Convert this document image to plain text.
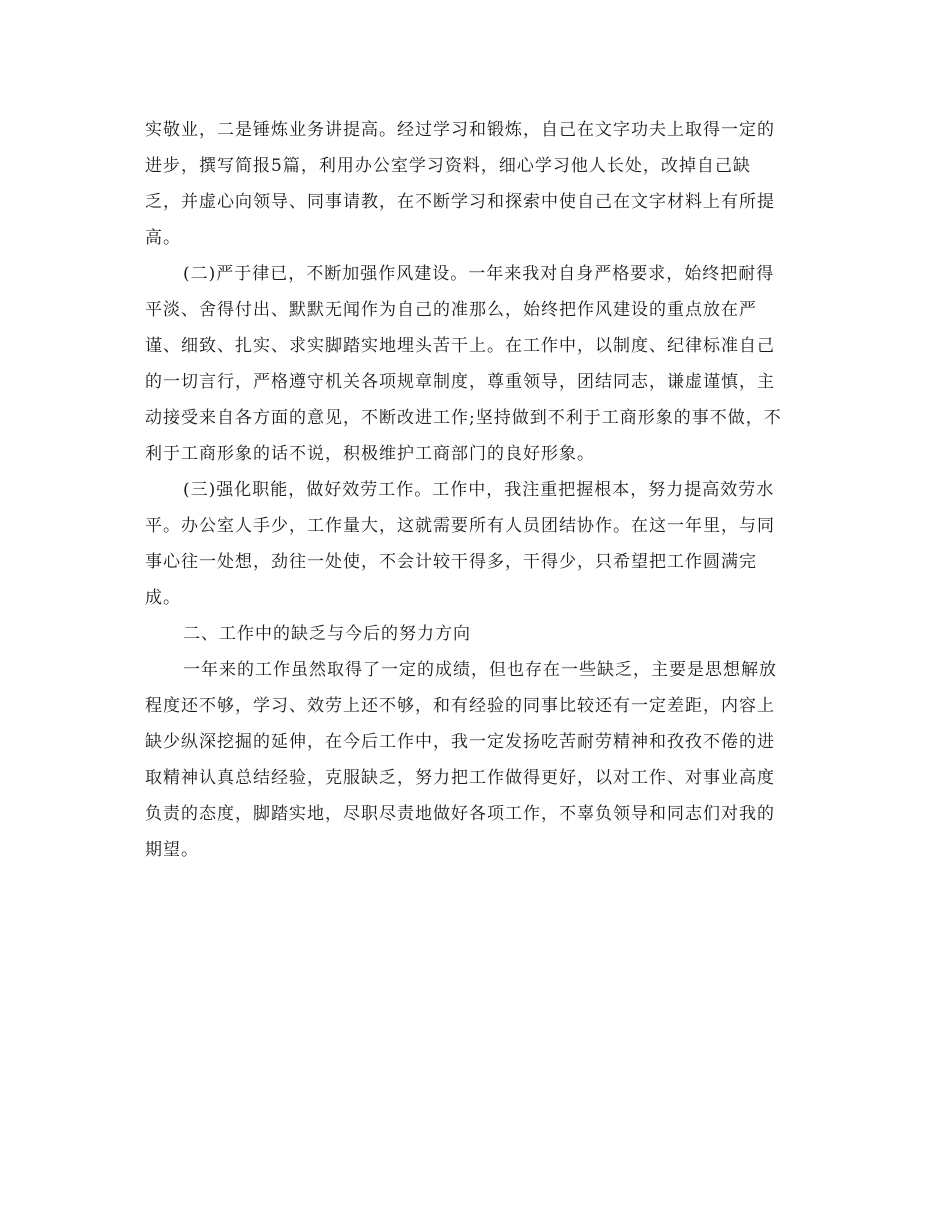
实敬业，二是锤炼业务讲提高。经过学习和锻炼，自己在文字功夫上取得一定的
进步，撰写简报5篇，利用办公室学习资料，细心学习他人长处，改掉自己缺
乏，并虚心向领导、同事请教，在不断学习和探索中使自己在文字材料上有所提
高。

(二)严于律已，不断加强作风建设。一年来我对自身严格要求，始终把耐得
平淡、舍得付出、默默无闻作为自己的准那么，始终把作风建设的重点放在严
谨、细致、扎实、求实脚踏实地埋头苦干上。在工作中，以制度、纪律标准自己
的一切言行，严格遵守机关各项规章制度，尊重领导，团结同志，谦虚谨慎，主
动接受来自各方面的意见，不断改进工作;坚持做到不利于工商形象的事不做，不
利于工商形象的话不说，积极维护工商部门的良好形象。

(三)强化职能，做好效劳工作。工作中，我注重把握根本，努力提高效劳水
平。办公室人手少，工作量大，这就需要所有人员团结协作。在这一年里，与同
事心往一处想，劲往一处使，不会计较干得多，干得少，只希望把工作圆满完
成。

二、工作中的缺乏与今后的努力方向

一年来的工作虽然取得了一定的成绩，但也存在一些缺乏，主要是思想解放
程度还不够，学习、效劳上还不够，和有经验的同事比较还有一定差距，内容上
缺少纵深挖掘的延伸，在今后工作中，我一定发扬吃苦耐劳精神和孜孜不倦的进
取精神认真总结经验，克服缺乏，努力把工作做得更好，以对工作、对事业高度
负责的态度，脚踏实地，尽职尽责地做好各项工作，不辜负领导和同志们对我的
期望。
